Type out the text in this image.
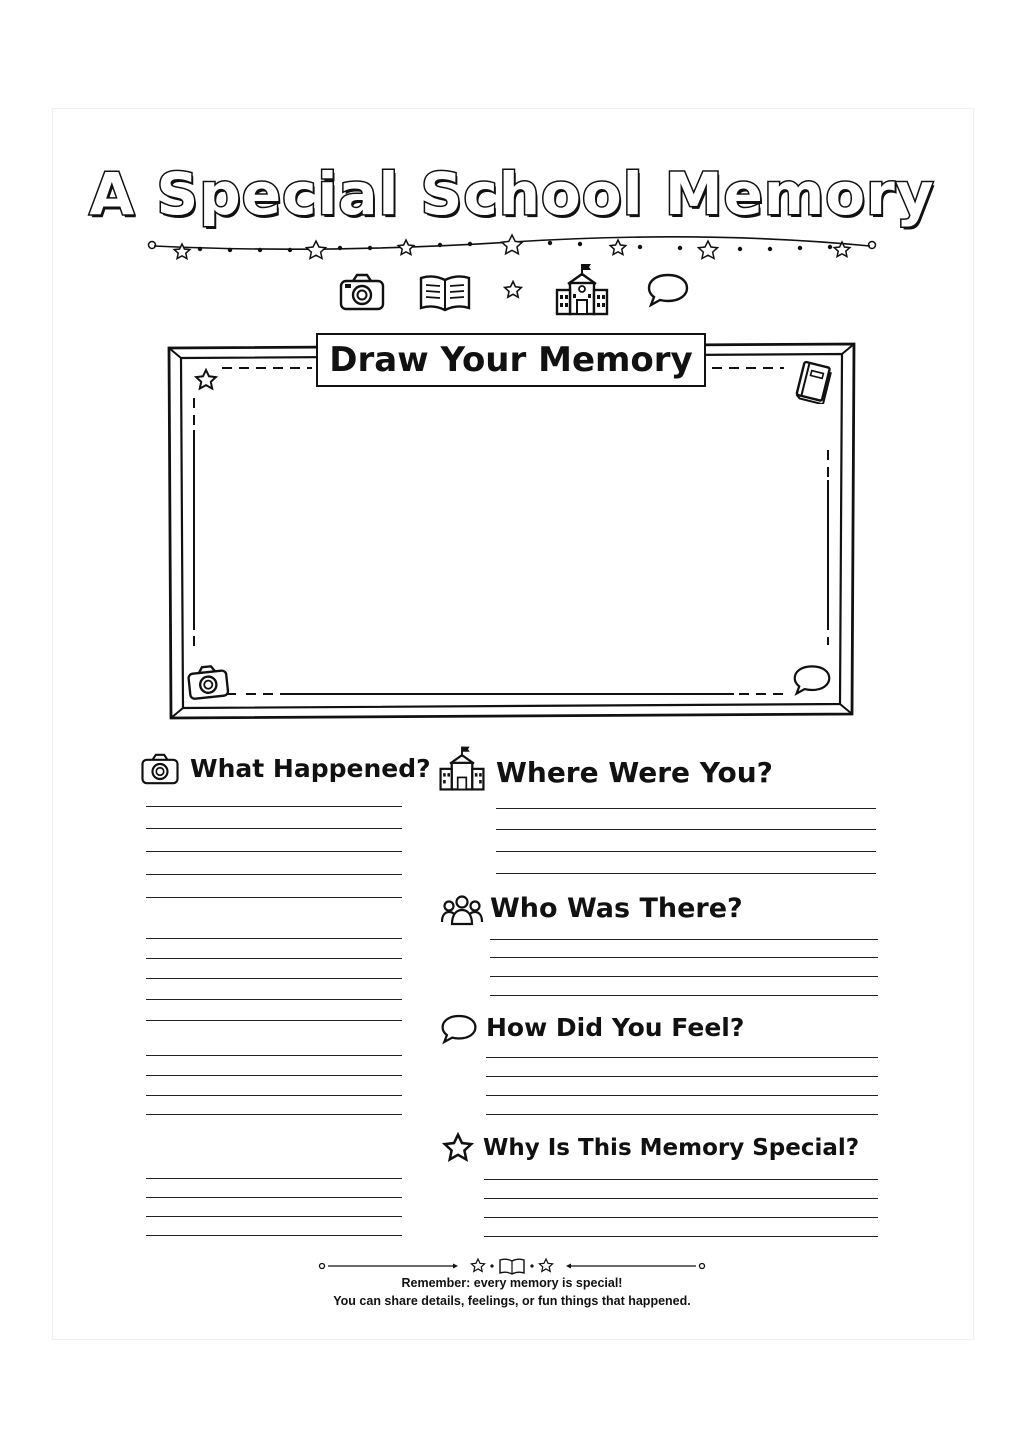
A Special School Memory
Draw Your Memory
What Happened? Where Were You?
Who Was There?
How Did You Feel?
Why Is This Memory Special?
Remember: every memory is special!
You can share details, feelings, or fun things that happened.
